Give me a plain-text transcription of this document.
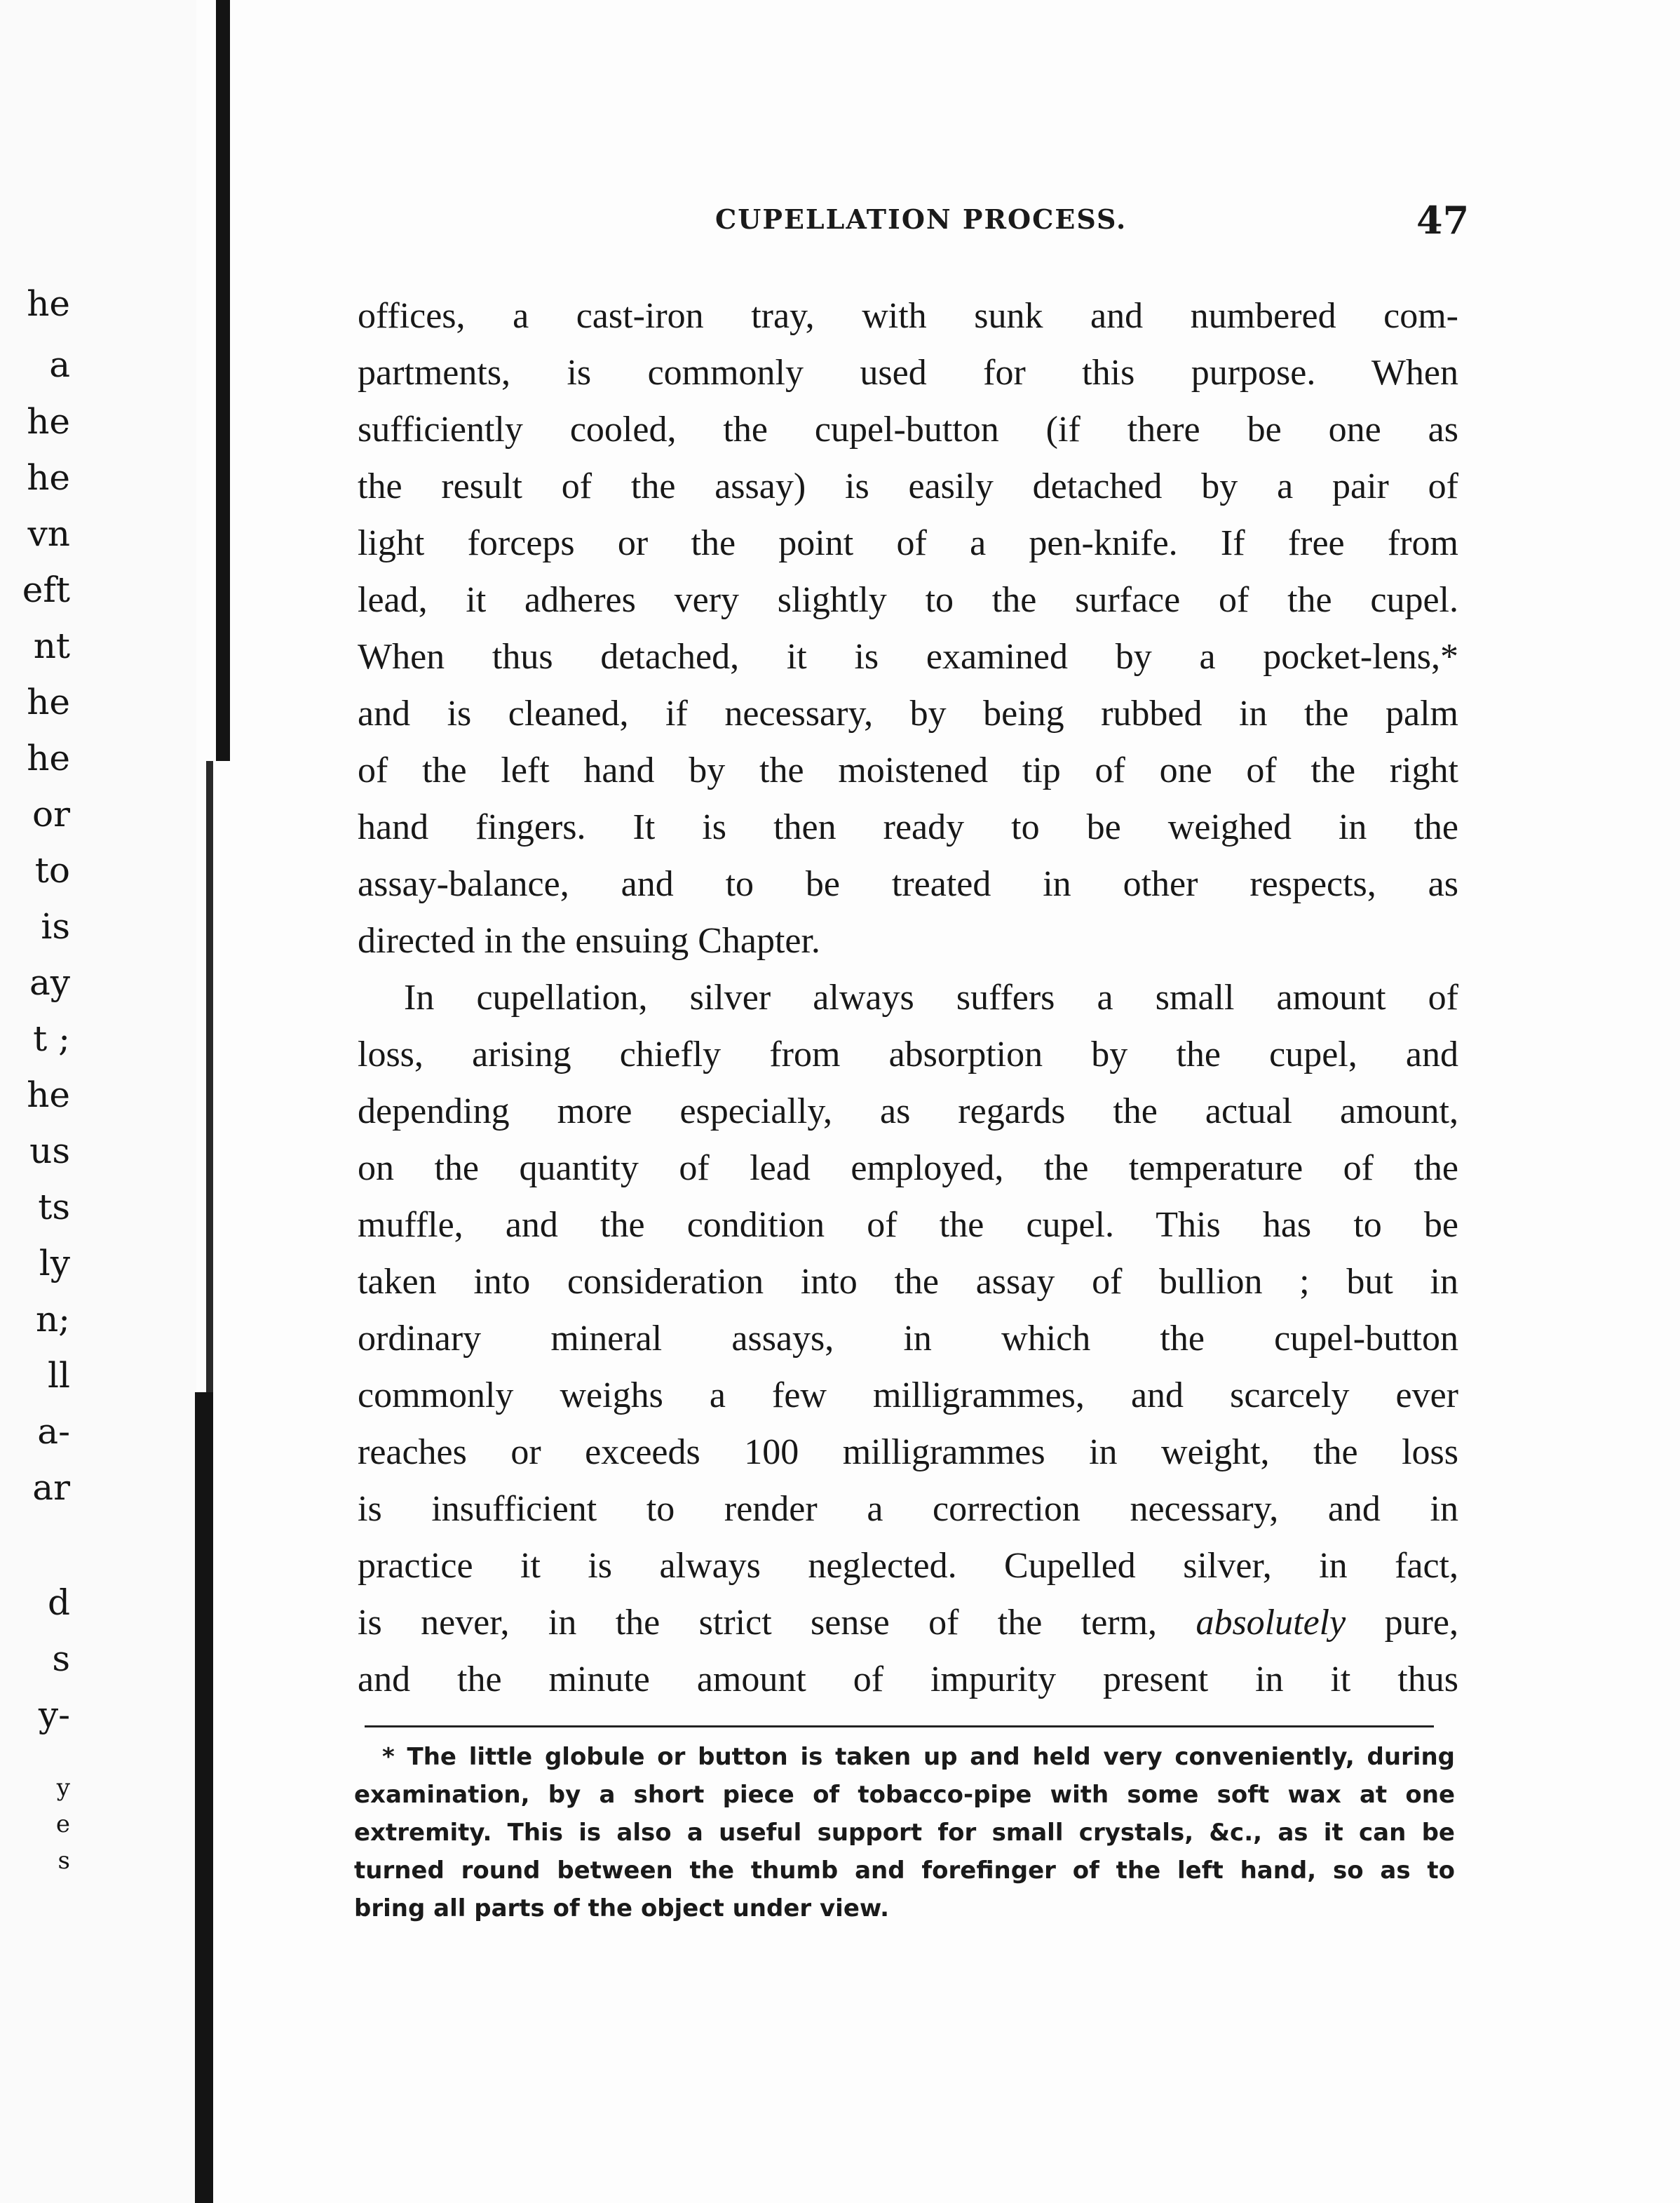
he
a
he
he
vn
eft
nt
he
he
or
to
is
ay
t ;
he
us
ts
ly
n;
ll
a-
ar
d
s
y-
y
e
s
CUPELLATION PROCESS.	47
offices, a cast-iron tray, with sunk and numbered com-
partments, is commonly used for this purpose. When
sufficiently cooled, the cupel-button (if there be one as
the result of the assay) is easily detached by a pair of
light forceps or the point of a pen-knife. If free from
lead, it adheres very slightly to the surface of the cupel.
When thus detached, it is examined by a pocket-lens,*
and is cleaned, if necessary, by being rubbed in the palm
of the left hand by the moistened tip of one of the right
hand fingers. It is then ready to be weighed in the
assay-balance, and to be treated in other respects, as
directed in the ensuing Chapter.
In cupellation, silver always suffers a small amount of
loss, arising chiefly from absorption by the cupel, and
depending more especially, as regards the actual amount,
on the quantity of lead employed, the temperature of the
muffle, and the condition of the cupel. This has to be
taken into consideration into the assay of bullion ; but in
ordinary mineral assays, in which the cupel-button
commonly weighs a few milligrammes, and scarcely ever
reaches or exceeds 100 milligrammes in weight, the loss
is insufficient to render a correction necessary, and in
practice it is always neglected. Cupelled silver, in fact,
is never, in the strict sense of the term, absolutely pure,
and the minute amount of impurity present in it thus
* The little globule or button is taken up and held very conveniently, during
examination, by a short piece of tobacco-pipe with some soft wax at one
extremity. This is also a useful support for small crystals, &c., as it can be
turned round between the thumb and forefinger of the left hand, so as to
bring all parts of the object under view.
